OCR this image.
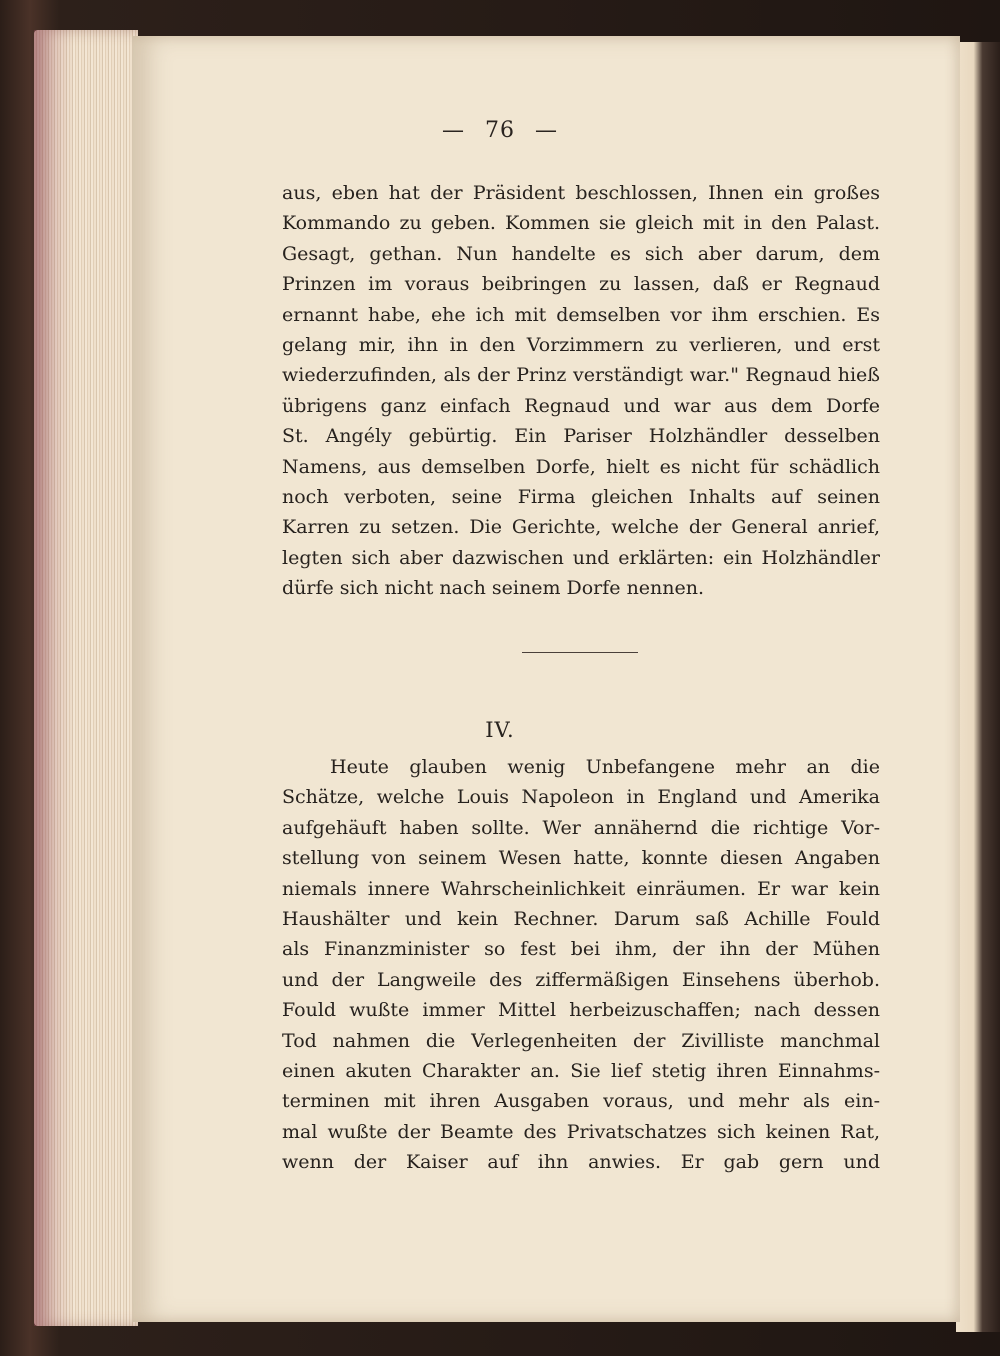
— 76 —
aus, eben hat der Präsident beschlossen, Ihnen ein großes
Kommando zu geben. Kommen sie gleich mit in den Palast.
Gesagt, gethan. Nun handelte es sich aber darum, dem
Prinzen im voraus beibringen zu lassen, daß er Regnaud
ernannt habe, ehe ich mit demselben vor ihm erschien. Es
gelang mir, ihn in den Vorzimmern zu verlieren, und erst
wiederzufinden, als der Prinz verständigt war." Regnaud hieß
übrigens ganz einfach Regnaud und war aus dem Dorfe
St. Angély gebürtig. Ein Pariser Holzhändler desselben
Namens, aus demselben Dorfe, hielt es nicht für schädlich
noch verboten, seine Firma gleichen Inhalts auf seinen
Karren zu setzen. Die Gerichte, welche der General anrief,
legten sich aber dazwischen und erklärten: ein Holzhändler
dürfe sich nicht nach seinem Dorfe nennen.
IV.
Heute glauben wenig Unbefangene mehr an die
Schätze, welche Louis Napoleon in England und Amerika
aufgehäuft haben sollte. Wer annähernd die richtige Vor-
stellung von seinem Wesen hatte, konnte diesen Angaben
niemals innere Wahrscheinlichkeit einräumen. Er war kein
Haushälter und kein Rechner. Darum saß Achille Fould
als Finanzminister so fest bei ihm, der ihn der Mühen
und der Langweile des ziffermäßigen Einsehens überhob.
Fould wußte immer Mittel herbeizuschaffen; nach dessen
Tod nahmen die Verlegenheiten der Zivilliste manchmal
einen akuten Charakter an. Sie lief stetig ihren Einnahms-
terminen mit ihren Ausgaben voraus, und mehr als ein-
mal wußte der Beamte des Privatschatzes sich keinen Rat,
wenn der Kaiser auf ihn anwies. Er gab gern und
